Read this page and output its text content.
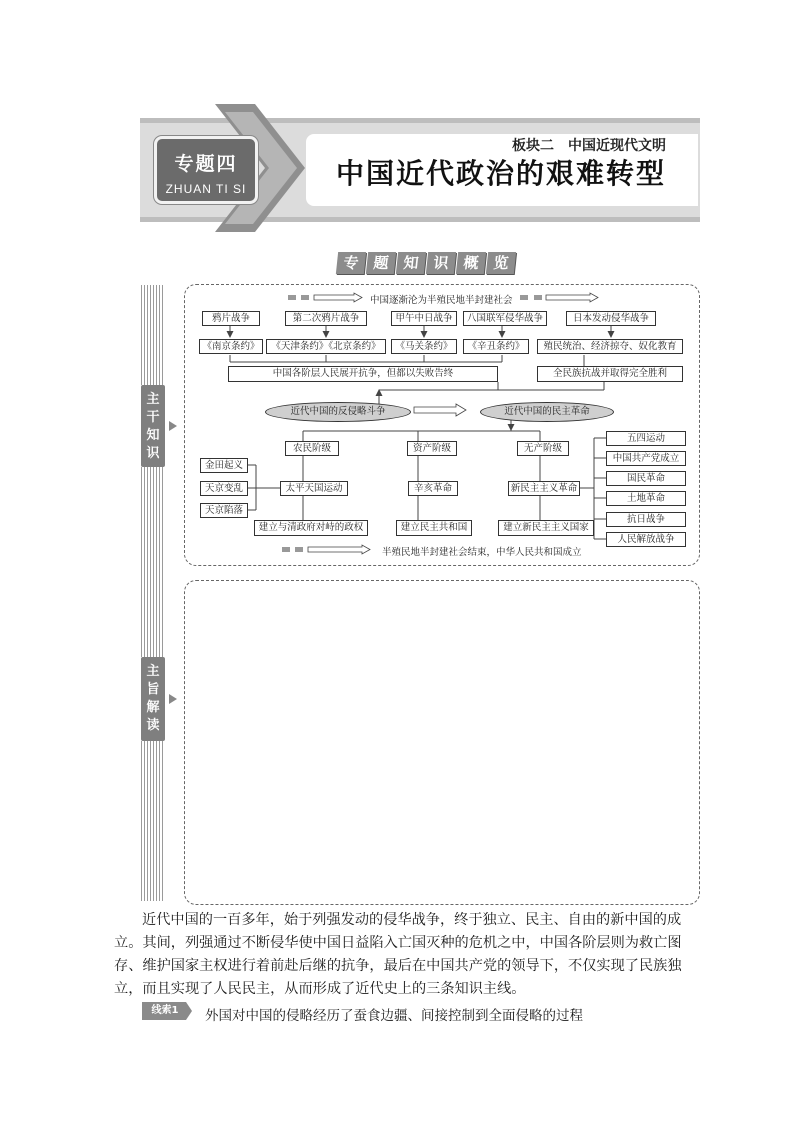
专题四
ZHUAN TI SI
板块二　中国近现代文明
中国近代政治的艰难转型
专 题 知 识 概 览
主干知识
主旨解读
中国逐渐沦为半殖民地半封建社会
鸦片战争	第二次鸦片战争	甲午中日战争	八国联军侵华战争	日本发动侵华战争
《南京条约》	《天津条约》《北京条约》	《马关条约》	《辛丑条约》	殖民统治、经济掠夺、奴化教育
中国各阶层人民展开抗争，但都以失败告终	全民族抗战并取得完全胜利
近代中国的反侵略斗争	近代中国的民主革命
农民阶级	资产阶级	无产阶级
金田起义
天京变乱
天京陷落
太平天国运动	辛亥革命	新民主主义革命
建立与清政府对峙的政权	建立民主共和国	建立新民主主义国家
五四运动
中国共产党成立
国民革命
土地革命
抗日战争
人民解放战争
半殖民地半封建社会结束，中华人民共和国成立
近代中国的一百多年，始于列强发动的侵华战争，终于独立、民主、自由的新中国的成立。其间，列强通过不断侵华使中国日益陷入亡国灭种的危机之中，中国各阶层则为救亡图存、维护国家主权进行着前赴后继的抗争，最后在中国共产党的领导下，不仅实现了民族独立，而且实现了人民民主，从而形成了近代史上的三条知识主线。
线索1	外国对中国的侵略经历了蚕食边疆、间接控制到全面侵略的过程
